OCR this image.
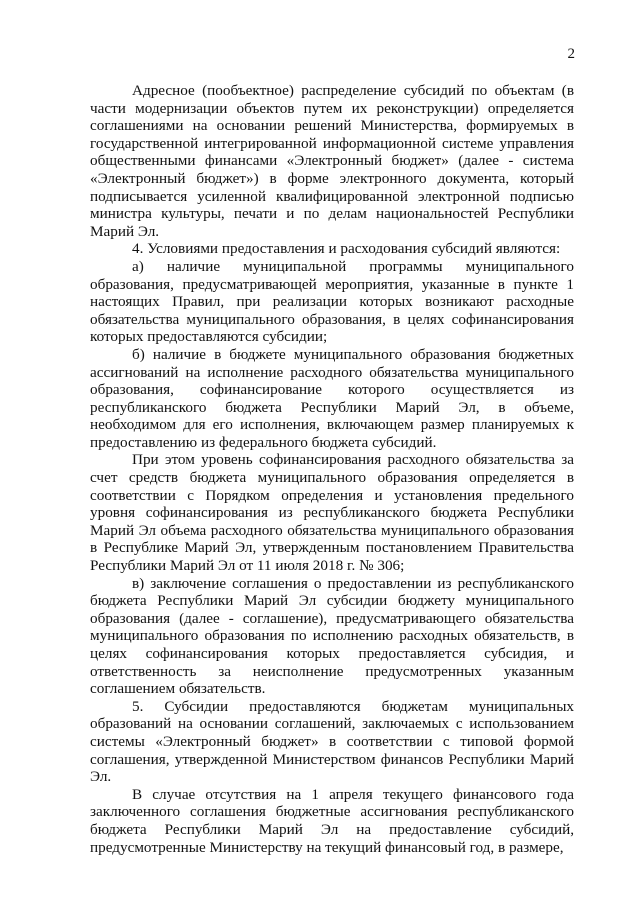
2

Адресное (пообъектное) распределение субсидий по объектам (в части модернизации объектов путем их реконструкции) определяется соглашениями на основании решений Министерства, формируемых в государственной интегрированной информационной системе управления общественными финансами «Электронный бюджет» (далее - система «Электронный бюджет») в форме электронного документа, который подписывается усиленной квалифицированной электронной подписью министра культуры, печати и по делам национальностей Республики Марий Эл.

4. Условиями предоставления и расходования субсидий являются:

а) наличие муниципальной программы муниципального образования, предусматривающей мероприятия, указанные в пункте 1 настоящих Правил, при реализации которых возникают расходные обязательства муниципального образования, в целях софинансирования которых предоставляются субсидии;

б) наличие в бюджете муниципального образования бюджетных ассигнований на исполнение расходного обязательства муниципального образования, софинансирование которого осуществляется из республиканского бюджета Республики Марий Эл, в объеме, необходимом для его исполнения, включающем размер планируемых к предоставлению из федерального бюджета субсидий.

При этом уровень софинансирования расходного обязательства за счет средств бюджета муниципального образования определяется в соответствии с Порядком определения и установления предельного уровня софинансирования из республиканского бюджета Республики Марий Эл объема расходного обязательства муниципального образования в Республике Марий Эл, утвержденным постановлением Правительства Республики Марий Эл от 11 июля 2018 г. № 306;

в) заключение соглашения о предоставлении из республиканского бюджета Республики Марий Эл субсидии бюджету муниципального образования (далее - соглашение), предусматривающего обязательства муниципального образования по исполнению расходных обязательств, в целях софинансирования которых предоставляется субсидия, и ответственность за неисполнение предусмотренных указанным соглашением обязательств.

5. Субсидии предоставляются бюджетам муниципальных образований на основании соглашений, заключаемых с использованием системы «Электронный бюджет» в соответствии с типовой формой соглашения, утвержденной Министерством финансов Республики Марий Эл.

В случае отсутствия на 1 апреля текущего финансового года заключенного соглашения бюджетные ассигнования республиканского бюджета Республики Марий Эл на предоставление субсидий, предусмотренные Министерству на текущий финансовый год, в размере,
